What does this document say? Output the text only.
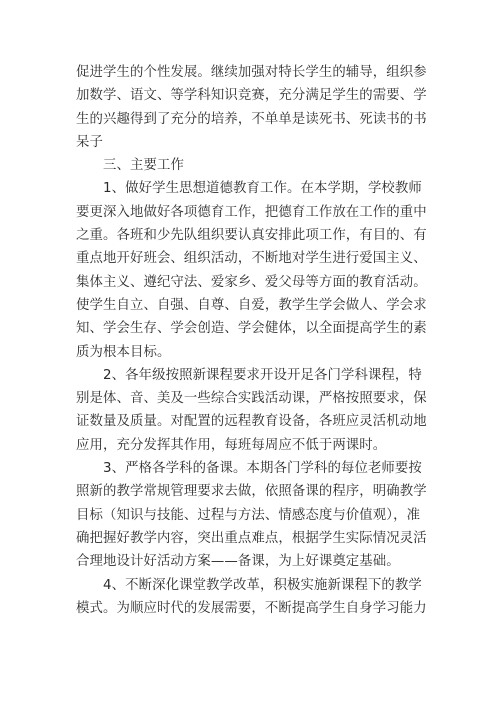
促进学生的个性发展。继续加强对特长学生的辅导，组织参
加数学、语文、等学科知识竞赛，充分满足学生的需要、学
生的兴趣得到了充分的培养，不单单是读死书、死读书的书
呆子
三、主要工作
1、做好学生思想道德教育工作。在本学期，学校教师
要更深入地做好各项德育工作，把德育工作放在工作的重中
之重。各班和少先队组织要认真安排此项工作，有目的、有
重点地开好班会、组织活动，不断地对学生进行爱国主义、
集体主义、遵纪守法、爱家乡、爱父母等方面的教育活动。
使学生自立、自强、自尊、自爱，教学生学会做人、学会求
知、学会生存、学会创造、学会健体，以全面提高学生的素
质为根本目标。
2、各年级按照新课程要求开设开足各门学科课程，特
别是体、音、美及一些综合实践活动课，严格按照要求，保
证数量及质量。对配置的远程教育设备，各班应灵活机动地
应用，充分发挥其作用，每班每周应不低于两课时。
3、严格各学科的备课。本期各门学科的每位老师要按
照新的教学常规管理要求去做，依照备课的程序，明确教学
目标（知识与技能、过程与方法、情感态度与价值观），准
确把握好教学内容，突出重点难点，根据学生实际情况灵活
合理地设计好活动方案——备课，为上好课奠定基础。
4、不断深化课堂教学改革，积极实施新课程下的教学
模式。为顺应时代的发展需要，不断提高学生自身学习能力
